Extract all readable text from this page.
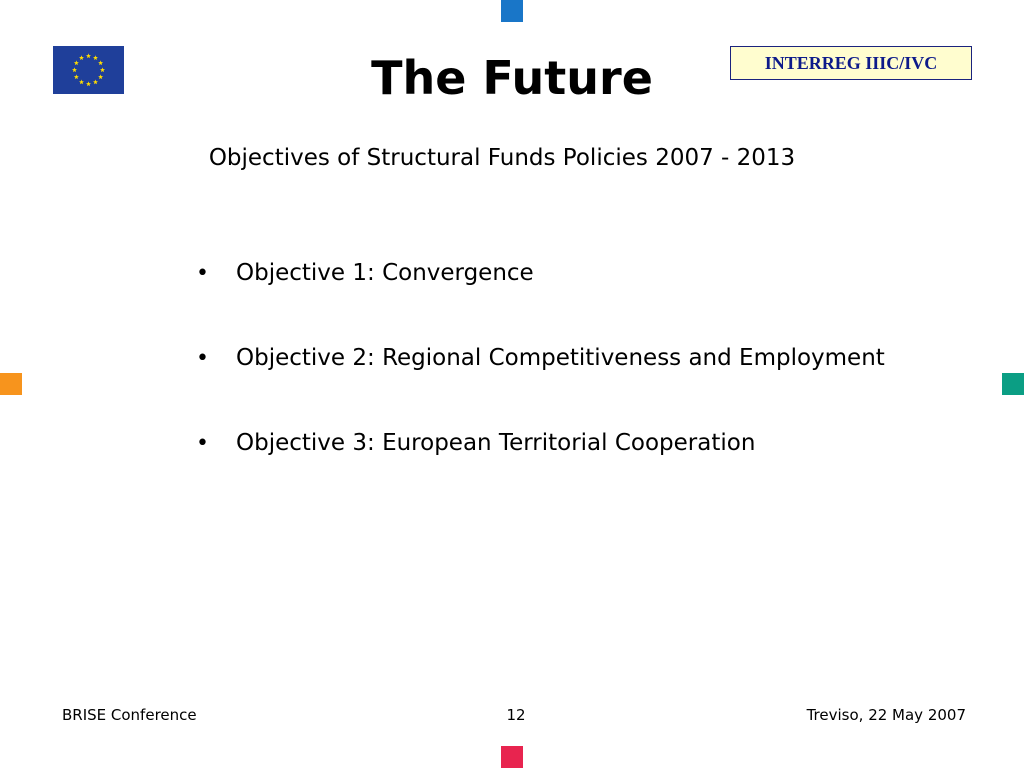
The Future	INTERREG IIIC/IVC
Objectives of Structural Funds Policies 2007 - 2013
•	Objective 1: Convergence
•	Objective 2: Regional Competitiveness and Employment
•	Objective 3: European Territorial Cooperation
BRISE Conference	12	Treviso, 22 May 2007
